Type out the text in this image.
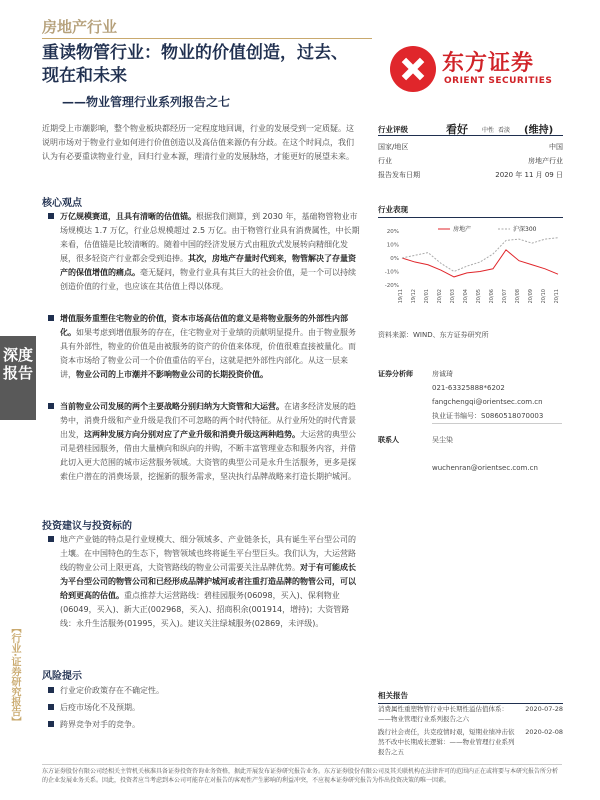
房地产行业
重读物管行业：物业的价值创造，过去、现在和未来
——物业管理行业系列报告之七
东方证券
ORIENT SECURITIES
深度报告
【行业·证券研究报告】
近期受上市潮影响，整个物业板块都经历一定程度地回调，行业的发展受到一定质疑。这说明市场对于物业行业如何进行价值创造以及高估值来源仍有分歧。在这个时间点，我们认为有必要重读物业行业，回归行业本源，理清行业的发展脉络，才能更好的展望未来。
核心观点
万亿规模赛道，且具有清晰的估值锚。根据我们测算，到 2030 年，基础物管物业市场规模达 1.7 万亿，行业总规模超过 2.5 万亿。由于物管行业具有消费属性，中长期来看，估值锚是比较清晰的。随着中国的经济发展方式由粗放式发展转向精细化发展，很多轻资产行业都会受到追捧。其次，房地产存量时代到来，物管解决了存量资产的保值增值的痛点。毫无疑问，物业行业具有其巨大的社会价值，是一个可以持续创造价值的行业，也应该在其估值上得以体现。
增值服务重塑住宅物业的价值，资本市场高估值的意义是将物业服务的外部性内部化。如果考虑到增值服务的存在，住宅物业对于业绩的贡献明显提升。由于物业服务具有外部性，物业的价值是由被服务的资产的价值来体现，价值很难直接被量化。而资本市场给了物业公司一个价值重估的平台，这就是把外部性内部化。从这一层来讲，物业公司的上市潮并不影响物业公司的长期投资价值。
当前物业公司发展的两个主要战略分别归纳为大资管和大运营。在诸多经济发展的趋势中，消费升级和产业升级是我们不可忽略的两个时代特征。从行业所处的时代背景出发，这两种发展方向分别对应了产业升级和消费升级这两种趋势。大运营的典型公司是碧桂园服务，借由大量横向和纵向的并购，不断丰富管理业态和服务内容，并借此切入更大范围的城市运营服务领域。大资管的典型公司是永升生活服务，更多是探索住户潜在的消费场景，挖掘新的服务需求，坚决执行品牌战略来打造长期护城河。
投资建议与投资标的
地产产业链的特点是行业规模大、细分领域多、产业链条长，具有诞生平台型公司的土壤。在中国特色的生态下，物管领域也终将诞生平台型巨头。我们认为，大运营路线的物业公司上限更高，大资管路线的物业公司需要关注品牌优势。对于有可能成长为平台型公司的物管公司和已经形成品牌护城河或者注重打造品牌的物管公司，可以给到更高的估值。重点推荐大运营路线：碧桂园服务(06098，买入)、保利物业(06049，买入)、新大正(002968，买入)、招商积余(001914，增持)；大资管路线：永升生活服务(01995，买入)。建议关注绿城服务(02869，未评级)。
风险提示
行业定价政策存在不确定性。
后疫市场化不及预期。
跨界竞争对手的竞争。
行业评级	看好 中性 看淡 (维持)
国家/地区	中国
行业	房地产行业
报告发布日期	2020 年 11 月 09 日
行业表现
20%
10%
0%
-10%
-20%
19/11 19/12 20/01 20/02 20/03 20/04 20/05 20/06 20/07 20/08 20/09 20/10 20/11
房地产	沪深300
资料来源：WIND、东方证券研究所
证券分析师	房诚琦
021-63325888*6202
fangchengqi@orientsec.com.cn
执业证书编号：S0860518070003
联系人	吴尘染
wuchenran@orientsec.com.cn
相关报告
消费属性重塑物管行业中长期性溢估值体系：——物业管理行业系列报告之六
2020-07-28
践行社会责任，共克疫情时艰，短期业绩冲击依然不改中长期成长逻辑：——物业管理行业系列报告之五
2020-02-08
东方证券股份有限公司经相关主管机关核准具备证券投资咨询业务资格，据此开展发布证券研究报告业务。东方证券股份有限公司及其关联机构在法律许可的范围内正在或将要与本研究报告所分析的企业发展业务关系。因此，投资者应当考虑到本公司可能存在对报告的客观性产生影响的利益冲突，不应视本证券研究报告为作出投资决策的唯一因素。
